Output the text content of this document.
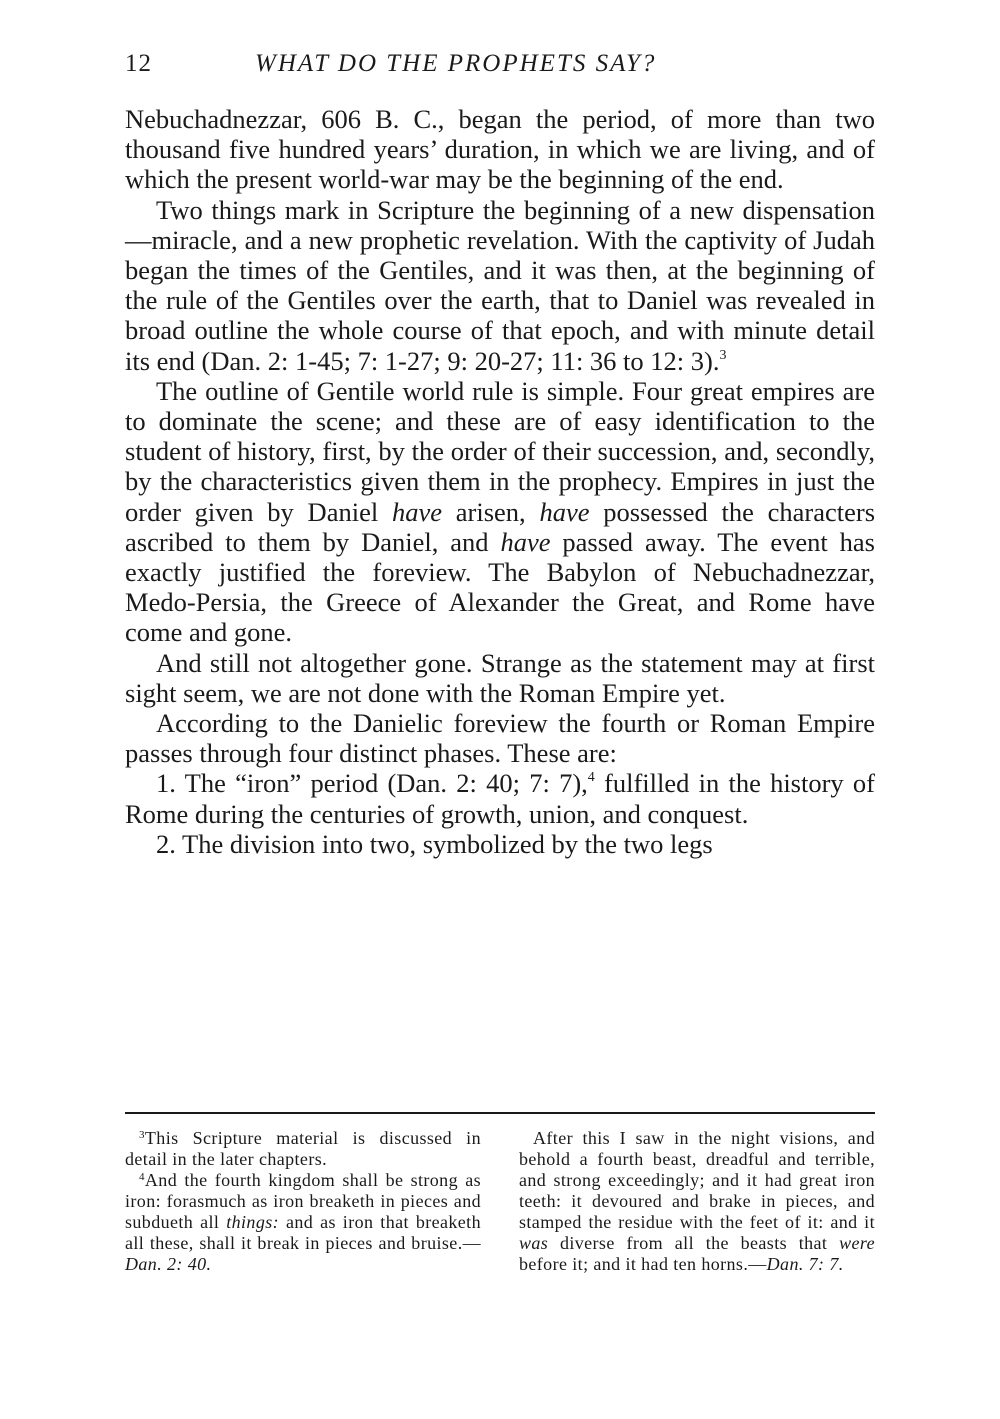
12	WHAT DO THE PROPHETS SAY?

Nebuchadnezzar, 606 B. C., began the period, of more than two thousand five hundred years’ duration, in which we are living, and of which the present world-war may be the beginning of the end.

Two things mark in Scripture the beginning of a new dispensation—miracle, and a new prophetic revelation. With the captivity of Judah began the times of the Gentiles, and it was then, at the beginning of the rule of the Gentiles over the earth, that to Daniel was revealed in broad outline the whole course of that epoch, and with minute detail its end (Dan. 2: 1-45; 7: 1-27; 9: 20-27; 11: 36 to 12: 3).$^3$

The outline of Gentile world rule is simple. Four great empires are to dominate the scene; and these are of easy identification to the student of history, first, by the order of their succession, and, secondly, by the characteristics given them in the prophecy. Empires in just the order given by Daniel have arisen, have possessed the characters ascribed to them by Daniel, and have passed away. The event has exactly justified the foreview. The Babylon of Nebuchadnezzar, Medo-Persia, the Greece of Alexander the Great, and Rome have come and gone.

And still not altogether gone. Strange as the statement may at first sight seem, we are not done with the Roman Empire yet.

According to the Danielic foreview the fourth or Roman Empire passes through four distinct phases. These are:

1. The “iron” period (Dan. 2: 40; 7: 7),$^4$ fulfilled in the history of Rome during the centuries of growth, union, and conquest.

2. The division into two, symbolized by the two legs

$^3$This Scripture material is discussed in detail in the later chapters.

$^4$And the fourth kingdom shall be strong as iron: forasmuch as iron breaketh in pieces and subdueth all things: and as iron that breaketh all these, shall it break in pieces and bruise.— Dan. 2: 40.

After this I saw in the night visions, and behold a fourth beast, dreadful and terrible, and strong exceedingly; and it had great iron teeth: it devoured and brake in pieces, and stamped the residue with the feet of it: and it was diverse from all the beasts that were before it; and it had ten horns.—Dan. 7: 7.
